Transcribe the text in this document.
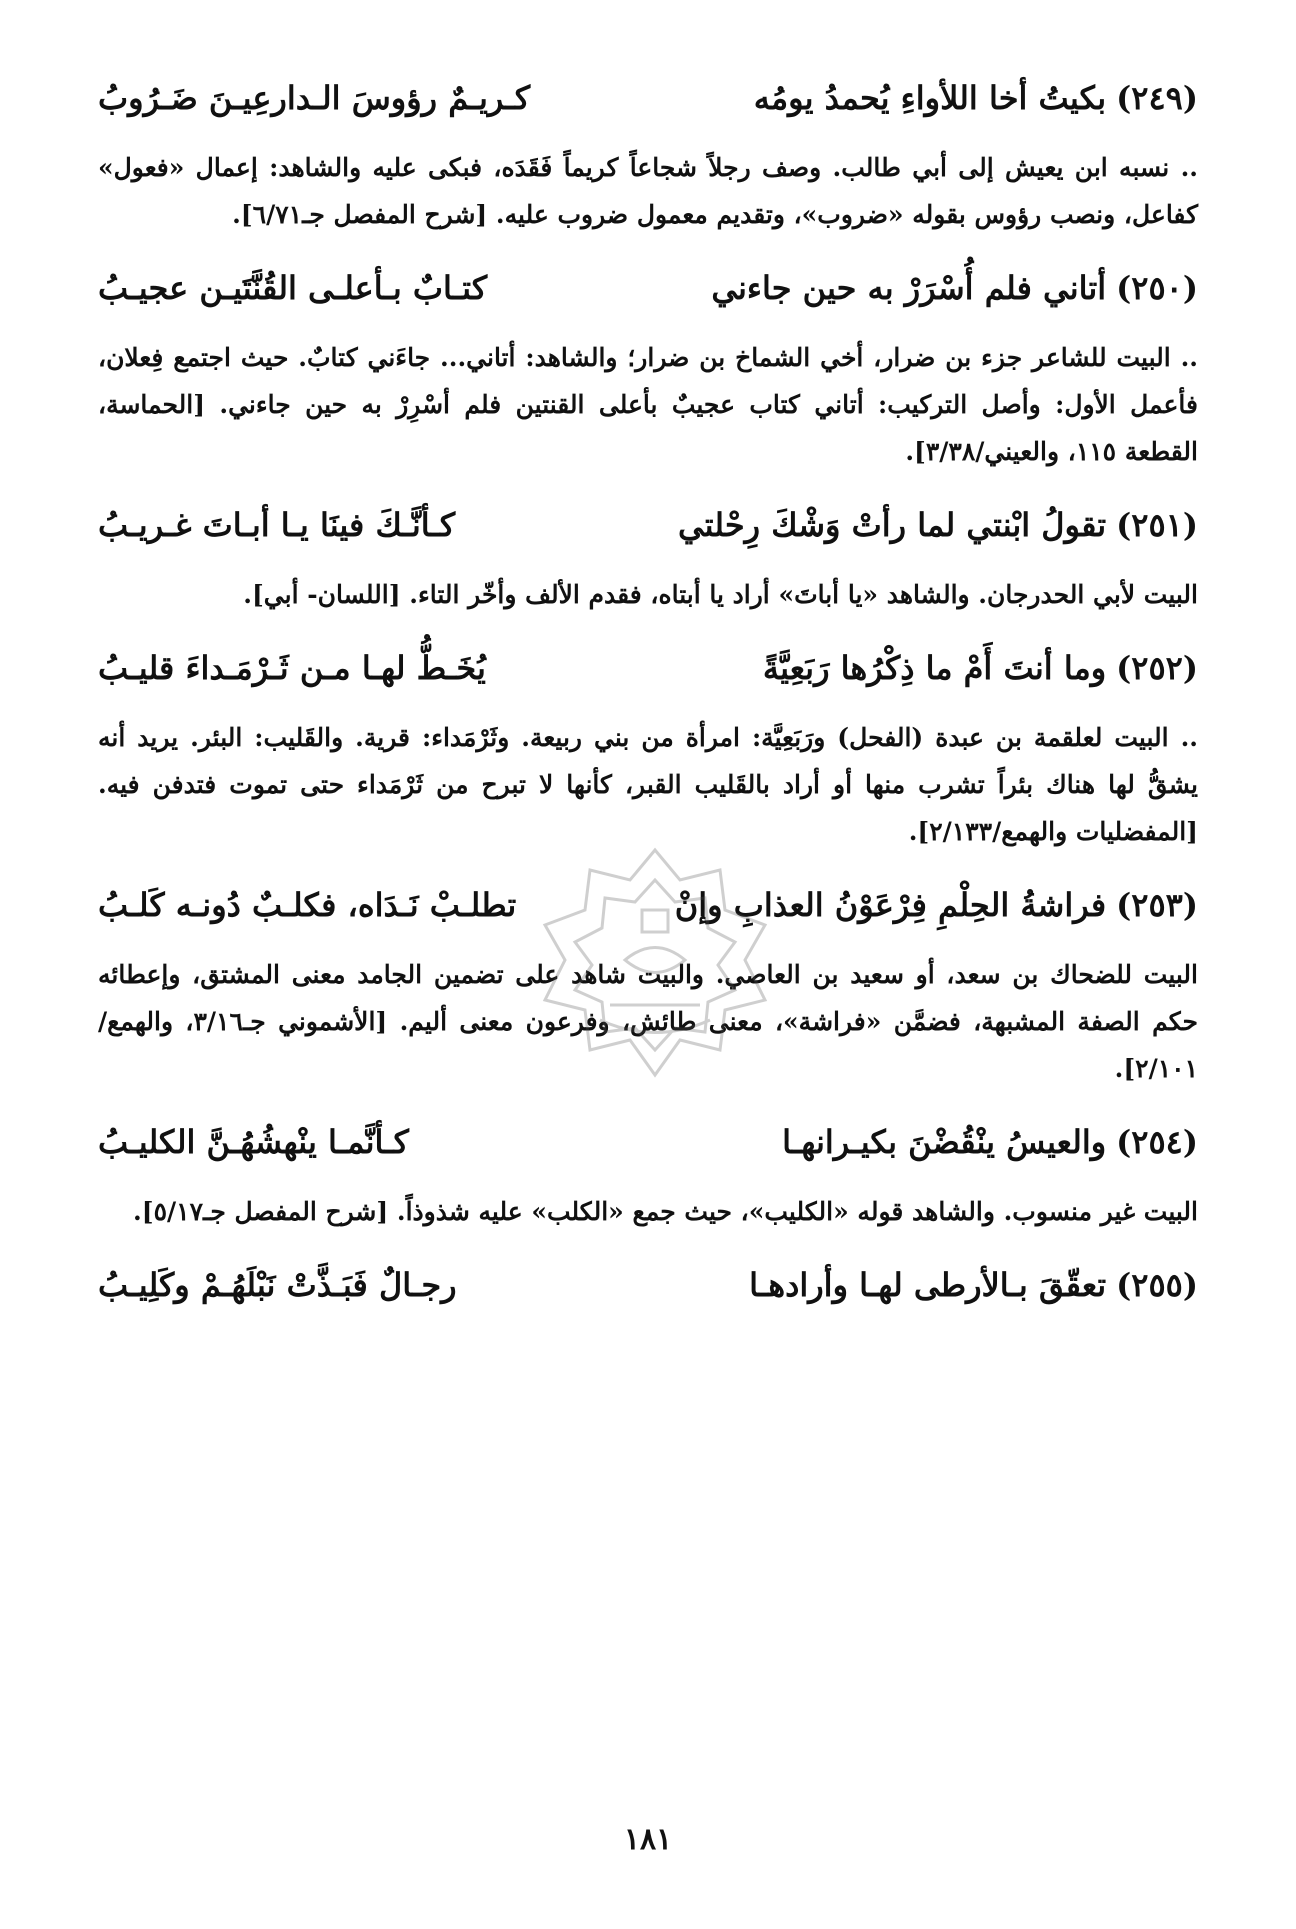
(٢٤٩)بكيتُ أخا اللأواءِ يُحمدُ يومُه
كـريـمٌ رؤوسَ الـدارعِيـنَ ضَـرُوبُ

.. نسبه ابن يعيش إلى أبي طالب. وصف رجلاً شجاعاً كريماً فَقَدَه، فبكى عليه والشاهد: إعمال «فعول» كفاعل، ونصب رؤوس بقوله «ضروب»، وتقديم معمول ضروب عليه. [شرح المفصل جـ٦/٧١].

(٢٥٠)أتاني فلم أُسْرَرْ به حين جاءني
كتـابٌ بـأعلـى القُنَّتَيـن عجيـبُ

.. البيت للشاعر جزء بن ضرار، أخي الشماخ بن ضرار؛ والشاهد: أتاني... جاءَني كتابٌ. حيث اجتمع فِعلان، فأعمل الأول: وأصل التركيب: أتاني كتاب عجيبٌ بأعلى القنتين فلم أسْرِرْ به حين جاءني. [الحماسة، القطعة ١١٥، والعيني/٣/٣٨].

(٢٥١)تقولُ ابْنتي لما رأتْ وَشْكَ رِحْلتي
كـأنَّـكَ فينَا يـا أبـاتَ غـريـبُ

البيت لأبي الحدرجان. والشاهد «يا أباتَ» أراد يا أبتاه، فقدم الألف وأخّر التاء. [اللسان- أبي].

(٢٥٢)وما أنتَ أَمْ ما ذِكْرُها رَبَعِيَّةً
يُخَـطُّ لهـا مـن ثَـرْمَـداءَ قليـبُ

.. البيت لعلقمة بن عبدة (الفحل) ورَبَعِيَّة: امرأة من بني ربيعة. وثَرْمَداء: قرية. والقَليب: البئر. يريد أنه يشقُّ لها هناك بئراً تشرب منها أو أراد بالقَليب القبر، كأنها لا تبرح من ثَرْمَداء حتى تموت فتدفن فيه. [المفضليات والهمع/٢/١٣٣].

(٢٥٣)فراشةُ الحِلْمِ فِرْعَوْنُ العذابِ وإنْ
تطلـبْ نَـدَاه، فكلـبٌ دُونـه كَلـبُ

البيت للضحاك بن سعد، أو سعيد بن العاصي. والبيت شاهد على تضمين الجامد معنى المشتق، وإعطائه حكم الصفة المشبهة، فضمَّن «فراشة»، معنى طائش، وفرعون معنى أليم. [الأشموني جـ٣/١٦، والهمع/٢/١٠١].

(٢٥٤)والعيسُ ينْقُضْنَ بكيـرانهـا
كـأنَّمـا ينْهشُهُـنَّ الكليـبُ

البيت غير منسوب. والشاهد قوله «الكليب»، حيث جمع «الكلب» عليه شذوذاً. [شرح المفصل جـ٥/١٧].

(٢٥٥)تعقّقَ بـالأرطى لهـا وأرادهـا
رجـالٌ فَبَـذَّتْ نَبْلَهُـمْ وكَلِيـبُ
١٨١
